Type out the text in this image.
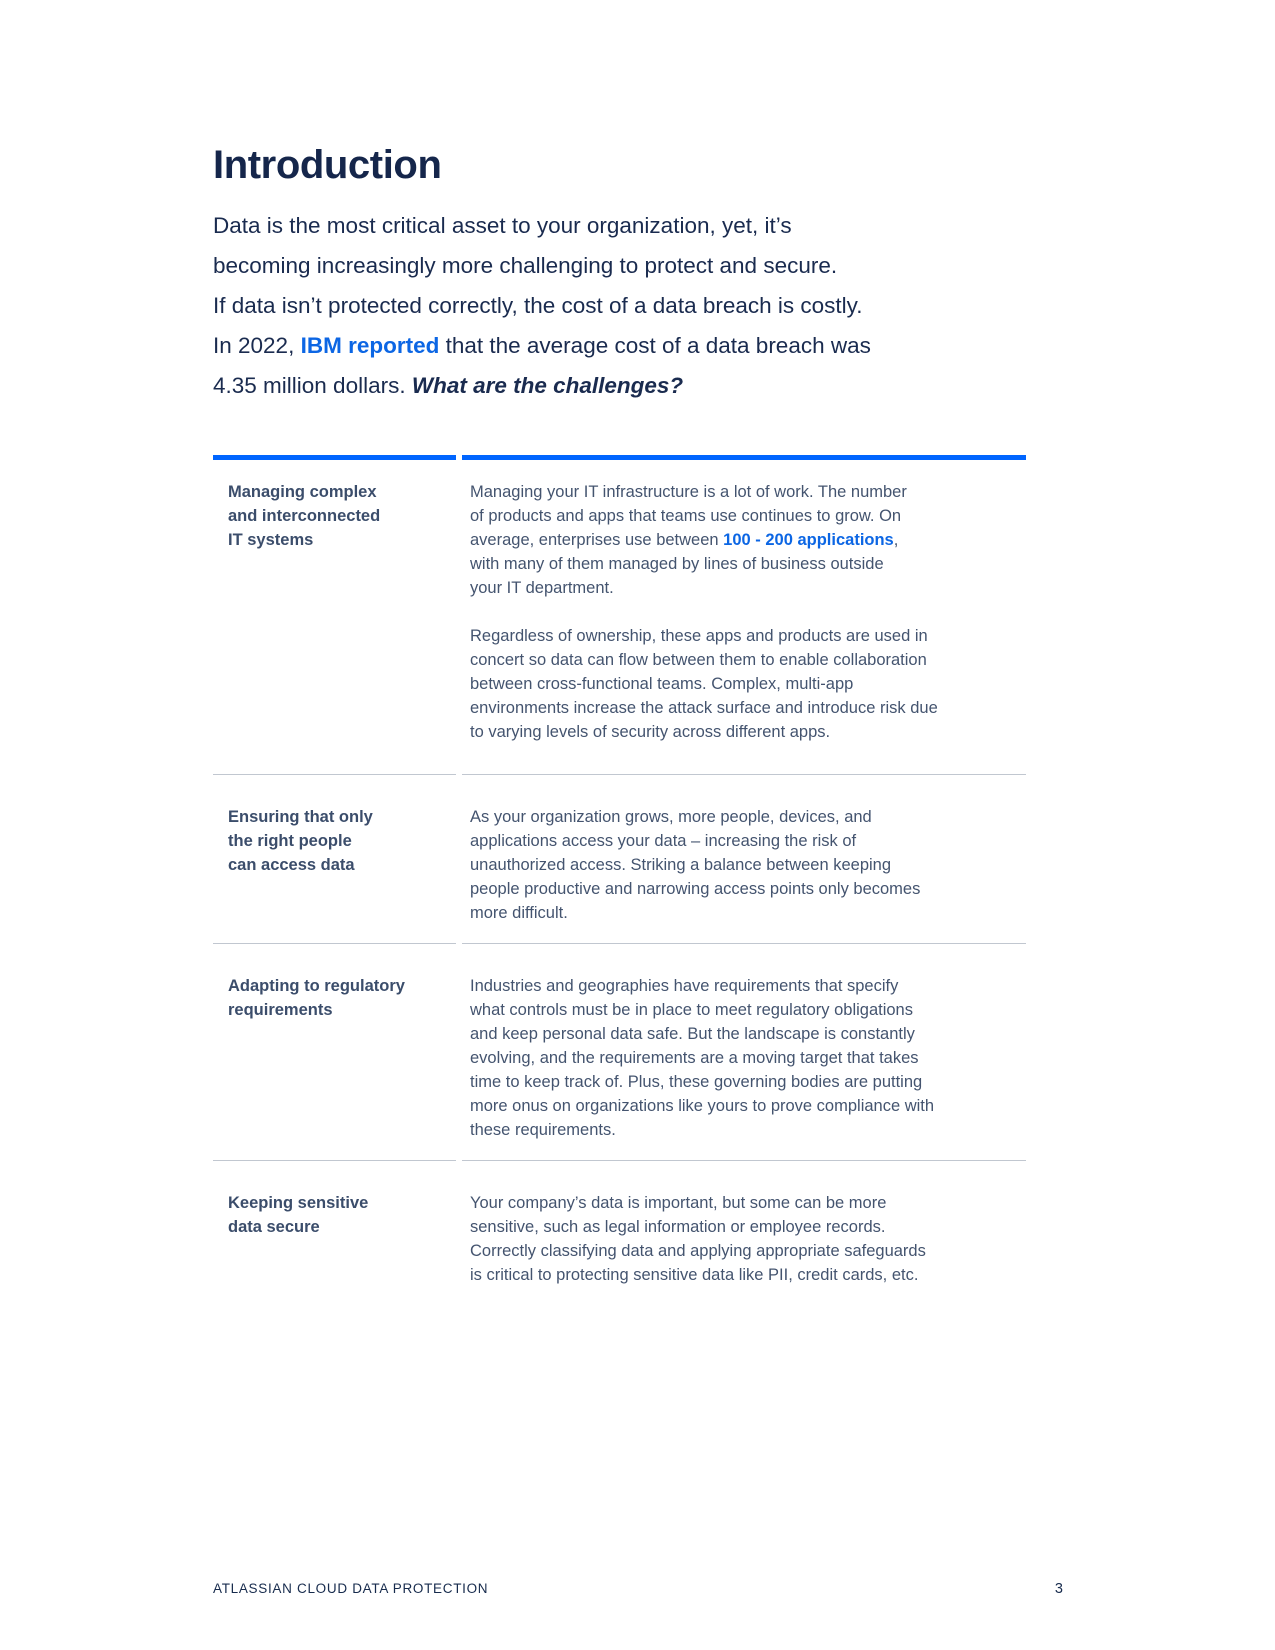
Introduction
Data is the most critical asset to your organization, yet, it’s
becoming increasingly more challenging to protect and secure.
If data isn’t protected correctly, the cost of a data breach is costly.
In 2022, IBM reported that the average cost of a data breach was
4.35 million dollars. What are the challenges?
Managing complex
and interconnected
IT systems
Managing your IT infrastructure is a lot of work. The number
of products and apps that teams use continues to grow. On
average, enterprises use between 100 - 200 applications,
with many of them managed by lines of business outside
your IT department.
Regardless of ownership, these apps and products are used in
concert so data can flow between them to enable collaboration
between cross-functional teams. Complex, multi-app
environments increase the attack surface and introduce risk due
to varying levels of security across different apps.
Ensuring that only
the right people
can access data
As your organization grows, more people, devices, and
applications access your data – increasing the risk of
unauthorized access. Striking a balance between keeping
people productive and narrowing access points only becomes
more difficult.
Adapting to regulatory
requirements
Industries and geographies have requirements that specify
what controls must be in place to meet regulatory obligations
and keep personal data safe. But the landscape is constantly
evolving, and the requirements are a moving target that takes
time to keep track of. Plus, these governing bodies are putting
more onus on organizations like yours to prove compliance with
these requirements.
Keeping sensitive
data secure
Your company’s data is important, but some can be more
sensitive, such as legal information or employee records.
Correctly classifying data and applying appropriate safeguards
is critical to protecting sensitive data like PII, credit cards, etc.
ATLASSIAN CLOUD DATA PROTECTION	3
